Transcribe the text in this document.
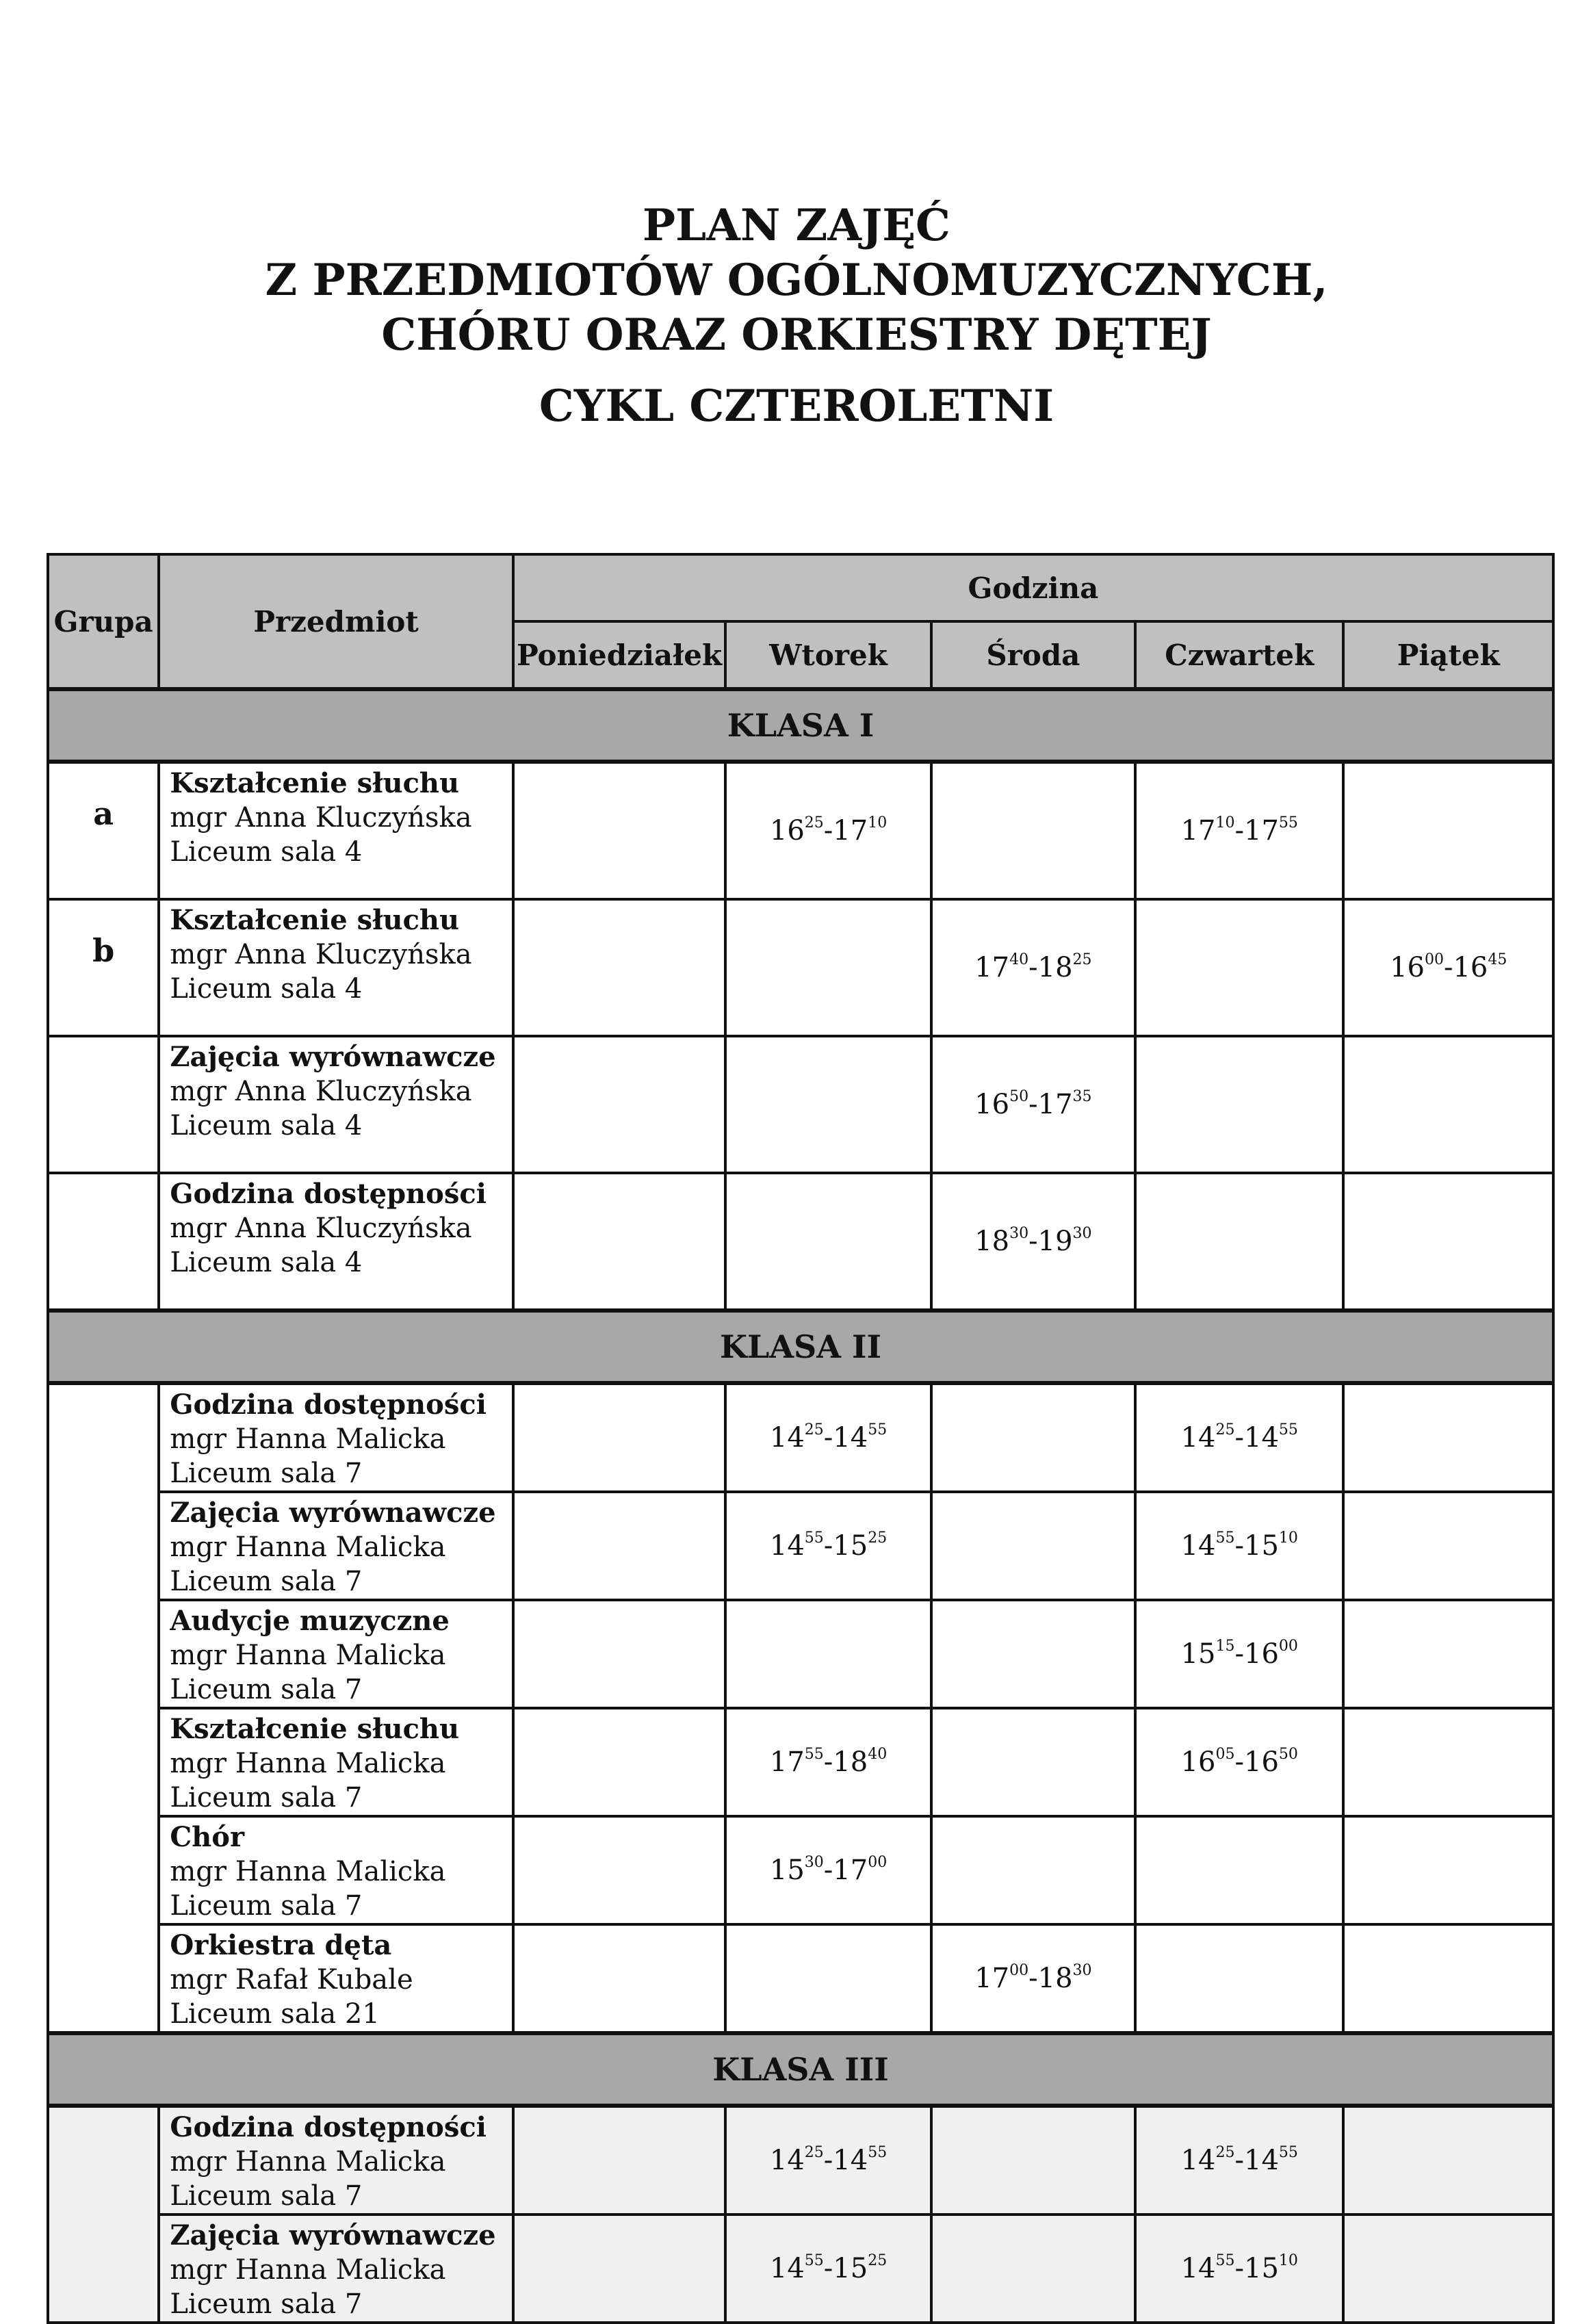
PLAN ZAJĘĆ
Z PRZEDMIOTÓW OGÓLNOMUZYCZNYCH,
CHÓRU ORAZ ORKIESTRY DĘTEJ
CYKL CZTEROLETNI
Grupa	Przedmiot	Godzina				
		Poniedziałek	Wtorek	Środa	Czwartek	Piątek
KLASA I						
a	Kształcenie słuchu
mgr Anna Kluczyńska
Liceum sala 4		$16^{25}-17^{10}$		$17^{10}-17^{55}$	
b	Kształcenie słuchu
mgr Anna Kluczyńska
Liceum sala 4			$17^{40}-18^{25}$		$16^{00}-16^{45}$

	Zajęcia wyrównawcze
mgr Anna Kluczyńska
Liceum sala 4			$16^{50}-17^{35}$		

	Godzina dostępności
mgr Anna Kluczyńska
Liceum sala 4			$18^{30}-19^{30}$		
KLASA II						

	Godzina dostępności
mgr Hanna Malicka
Liceum sala 7		$14^{25}-14^{55}$		$14^{25}-14^{55}$	

	Zajęcia wyrównawcze
mgr Hanna Malicka
Liceum sala 7		$14^{55}-15^{25}$		$14^{55}-15^{10}$	

	Audycje muzyczne
mgr Hanna Malicka
Liceum sala 7				$15^{15}-16^{00}$	

	Kształcenie słuchu
mgr Hanna Malicka
Liceum sala 7		$17^{55}-18^{40}$		$16^{05}-16^{50}$	

	Chór
mgr Hanna Malicka
Liceum sala 7		$15^{30}-17^{00}$			

	Orkiestra dęta
mgr Rafał Kubale
Liceum sala 21			$17^{00}-18^{30}$		
KLASA III						

	Godzina dostępności
mgr Hanna Malicka
Liceum sala 7		$14^{25}-14^{55}$		$14^{25}-14^{55}$	

	Zajęcia wyrównawcze
mgr Hanna Malicka
Liceum sala 7		$14^{55}-15^{25}$		$14^{55}-15^{10}$	
